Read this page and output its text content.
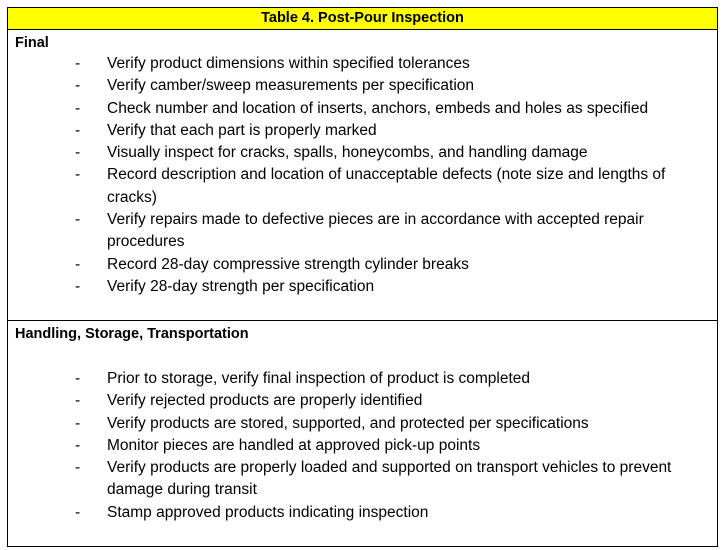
Table 4. Post-Pour Inspection
Final
- Verify product dimensions within specified tolerances
- Verify camber/sweep measurements per specification
- Check number and location of inserts, anchors, embeds and holes as specified
- Verify that each part is properly marked
- Visually inspect for cracks, spalls, honeycombs, and handling damage
- Record description and location of unacceptable defects (note size and lengths of cracks)
- Verify repairs made to defective pieces are in accordance with accepted repair procedures
- Record 28-day compressive strength cylinder breaks
- Verify 28-day strength per specification
Handling, Storage, Transportation
- Prior to storage, verify final inspection of product is completed
- Verify rejected products are properly identified
- Verify products are stored, supported, and protected per specifications
- Monitor pieces are handled at approved pick-up points
- Verify products are properly loaded and supported on transport vehicles to prevent damage during transit
- Stamp approved products indicating inspection
